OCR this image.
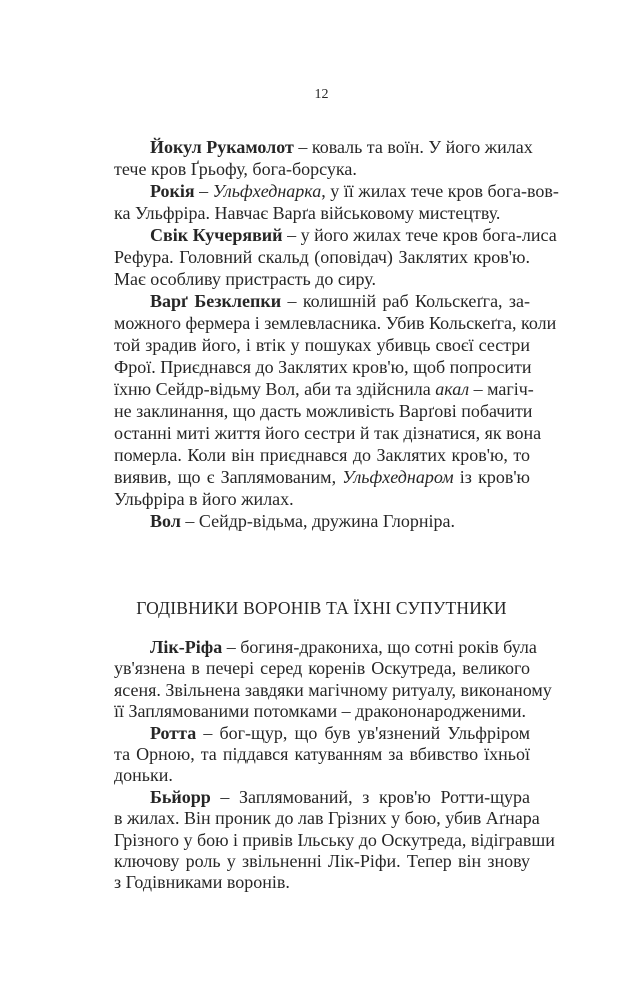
12
Йокул Рукамолот – коваль та воїн. У його жилах
тече кров Ґрьофу, бога-борсука.
Рокія – Ульфхеднарка, у її жилах тече кров бога-вов-
ка Ульфріра. Навчає Варґа військовому мистецтву.
Свік Кучерявий – у його жилах тече кров бога-лиса
Рефура. Головний скальд (оповідач) Заклятих кров'ю.
Має особливу пристрасть до сиру.
Варґ Безклепки – колишній раб Кольскеґга, за-
можного фермера і землевласника. Убив Кольскеґга, коли
той зрадив його, і втік у пошуках убивць своєї сестри
Фрої. Приєднався до Заклятих кров'ю, щоб попросити
їхню Сейдр-відьму Вол, аби та здійснила акал – магіч-
не заклинання, що дасть можливість Варґові побачити
останні миті життя його сестри й так дізнатися, як вона
померла. Коли він приєднався до Заклятих кров'ю, то
виявив, що є Заплямованим, Ульфхеднаром із кров'ю
Ульфріра в його жилах.
Вол – Сейдр-відьма, дружина Глорніра.
ГОДІВНИКИ ВОРОНІВ ТА ЇХНІ СУПУТНИКИ
Лік-Ріфа – богиня-дракониха, що сотні років була
ув'язнена в печері серед коренів Оскутреда, великого
ясеня. Звільнена завдяки магічному ритуалу, виконаному
її Заплямованими потомками – дракононародженими.
Ротта – бог-щур, що був ув'язнений Ульфріром
та Орною, та піддався катуванням за вбивство їхньої
доньки.
Бьйорр – Заплямований, з кров'ю Ротти-щура
в жилах. Він проник до лав Грізних у бою, убив Аґнара
Грізного у бою і привів Ільську до Оскутреда, відігравши
ключову роль у звільненні Лік-Ріфи. Тепер він знову
з Годівниками воронів.
